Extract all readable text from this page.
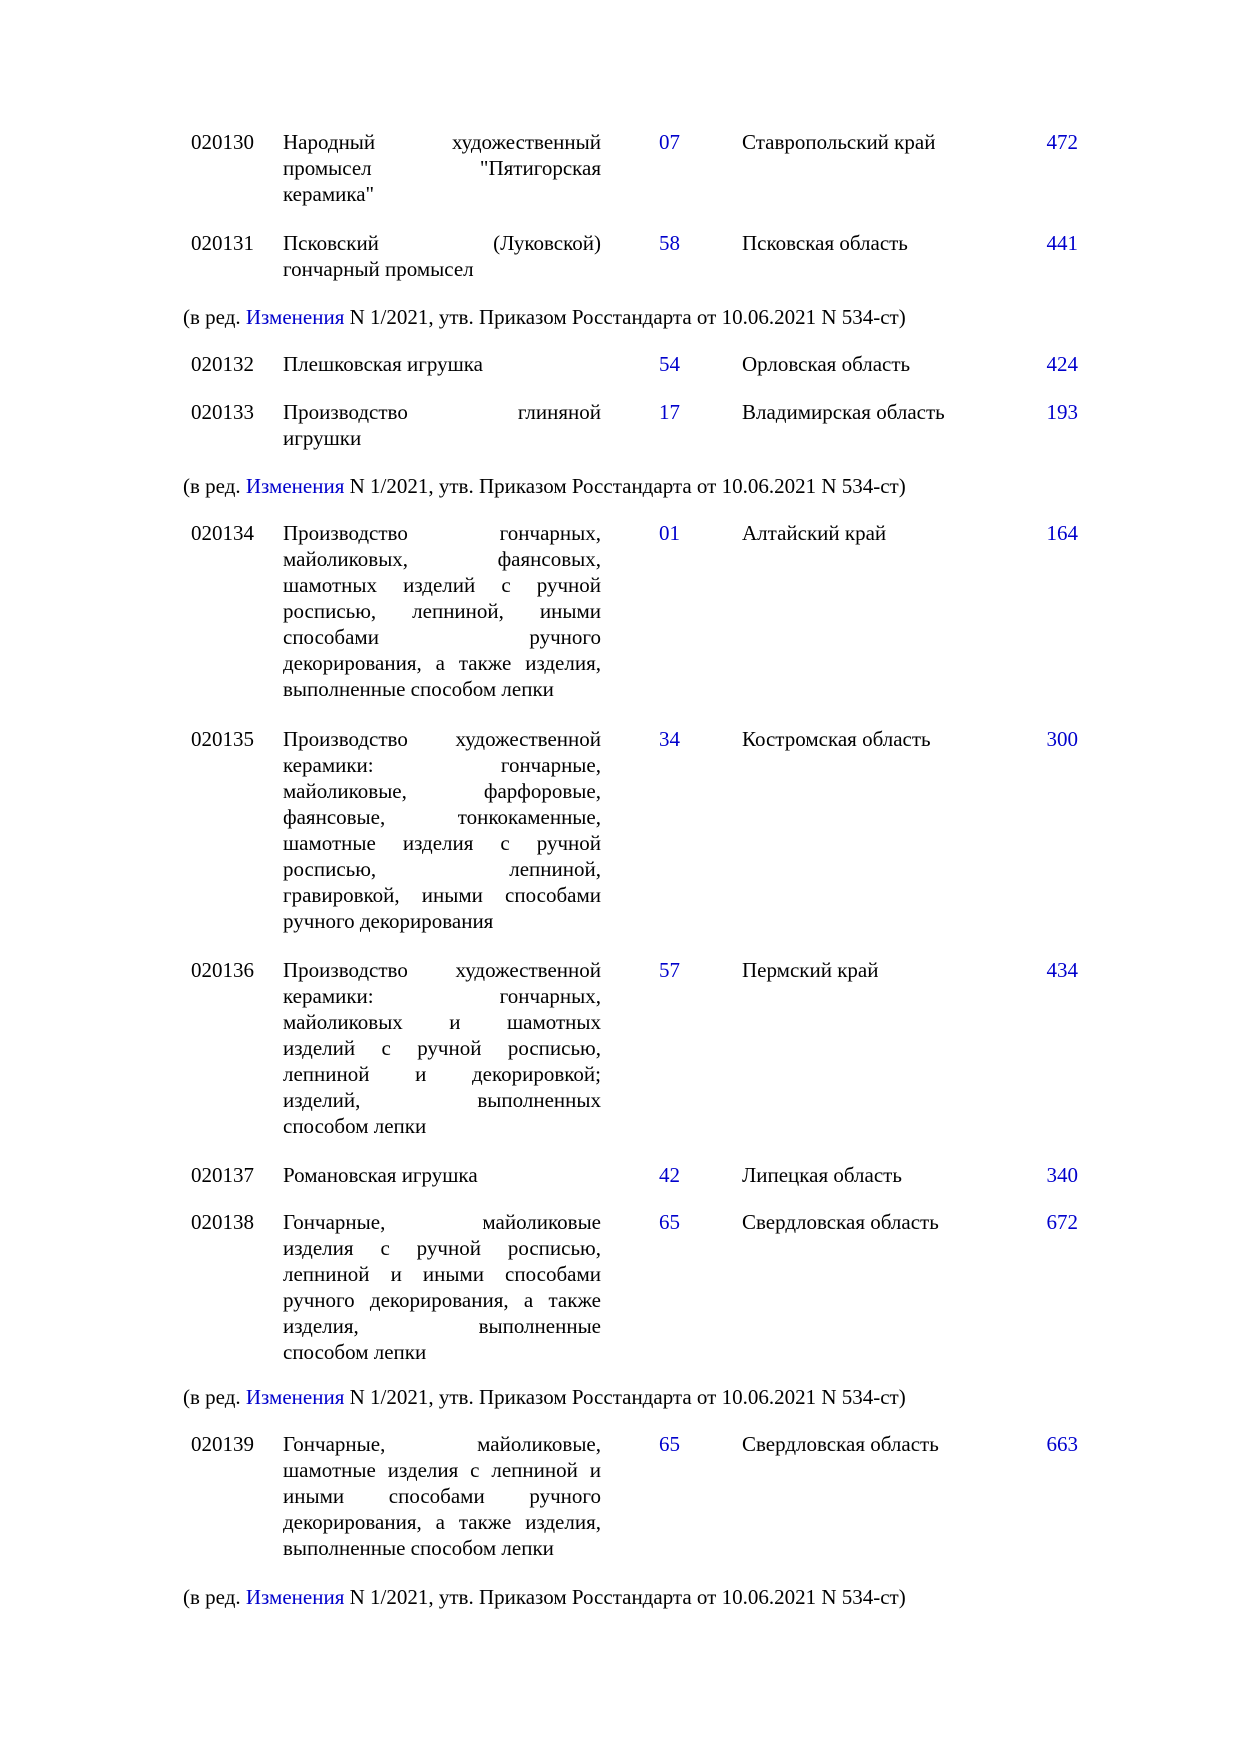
020130	Народный художественный
промысел "Пятигорская
керамика"
07	Ставропольский край	472
020131	Псковский (Луковской)
гончарный промысел
58	Псковская область	441
(в ред. Изменения N 1/2021, утв. Приказом Росстандарта от 10.06.2021 N 534-ст)
020132	Плешковская игрушка	54	Орловская область	424
020133	Производство глиняной
игрушки
17	Владимирская область	193
(в ред. Изменения N 1/2021, утв. Приказом Росстандарта от 10.06.2021 N 534-ст)
020134	Производство гончарных,
майоликовых, фаянсовых,
шамотных изделий с ручной
росписью, лепниной, иными
способами ручного
декорирования, а также изделия,
выполненные способом лепки
01	Алтайский край	164
020135	Производство художественной
керамики: гончарные,
майоликовые, фарфоровые,
фаянсовые, тонкокаменные,
шамотные изделия с ручной
росписью, лепниной,
гравировкой, иными способами
ручного декорирования
34	Костромская область	300
020136	Производство художественной
керамики: гончарных,
майоликовых и шамотных
изделий с ручной росписью,
лепниной и декорировкой;
изделий, выполненных
способом лепки
57	Пермский край	434
020137	Романовская игрушка	42	Липецкая область	340
020138	Гончарные, майоликовые
изделия с ручной росписью,
лепниной и иными способами
ручного декорирования, а также
изделия, выполненные
способом лепки
65	Свердловская область	672
(в ред. Изменения N 1/2021, утв. Приказом Росстандарта от 10.06.2021 N 534-ст)
020139	Гончарные, майоликовые,
шамотные изделия с лепниной и
иными способами ручного
декорирования, а также изделия,
выполненные способом лепки
65	Свердловская область	663
(в ред. Изменения N 1/2021, утв. Приказом Росстандарта от 10.06.2021 N 534-ст)
